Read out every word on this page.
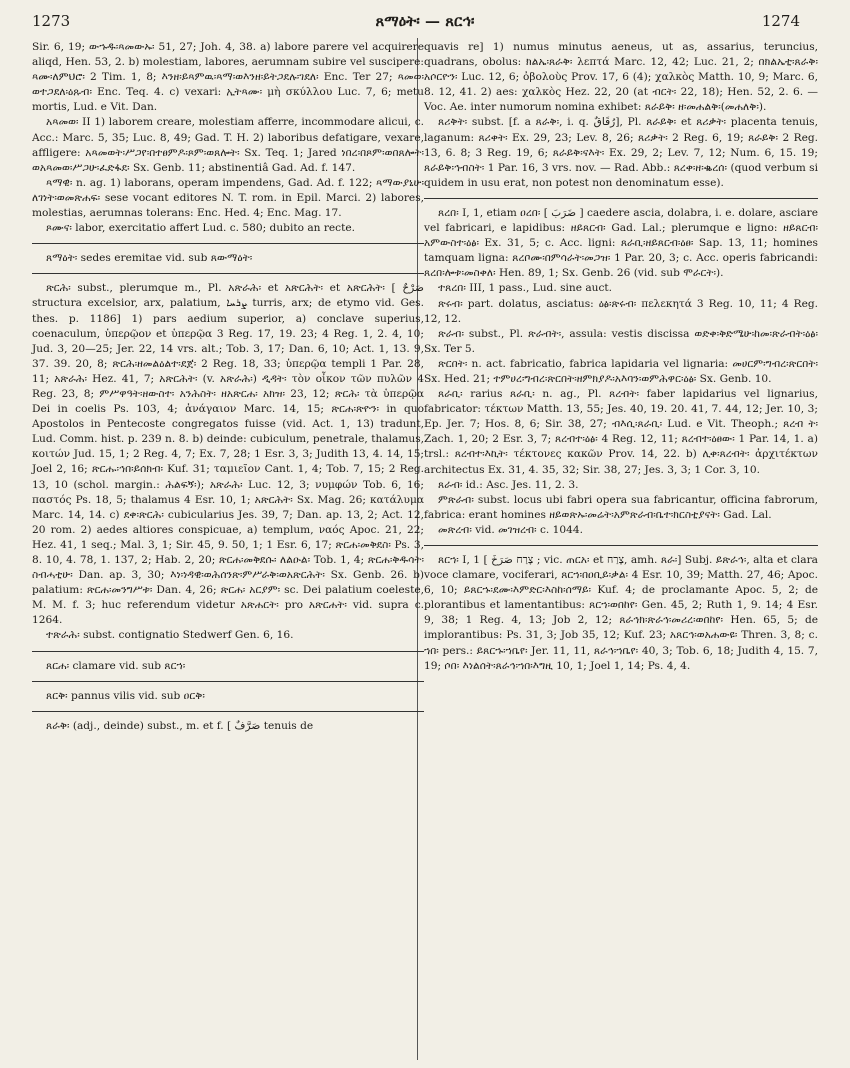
1273	ጸማዕት፡ — ጸርኅ፡	1274

Sir. 6, 19; ውኁዱ፡ጻመውኡ፡ 51, 27; Joh. 4, 38. a) labore parere vel acquirere aliqd, Hen. 53, 2. b) molestiam, labores, aerumnam subire vel suscipere: ጻሙ፡ለምህሮ፡ 2 Tim. 1, 8; እንዘ፡ይጻምዉ፡ጻማ፡ወእንዘ፡ይትጋደሉ፡ገደለ፡ Enc. Ter 27; ጻመወ፡ወተጋደለ፡ዕጹብ፡ Enc. Teq. 4. c) vexari: ኢትጻሙ፡ μὴ σκύλλου Luc. 7, 6; metu mortis, Lud. e Vit. Dan.

አጻመወ፡ II 1) laborem creare, molestiam afferre, incommodare alicui, c. Acc.: Marc. 5, 35; Luc. 8, 49; Gad. T. H. 2) laboribus defatigare, vexare, affligere: አጻመወት፡ሥጋየ፡በተፀምዶ፡ጾም፡ወጸሎት፡ Sx. Teq. 1; Jared ነበረ፡በጾም፡ወበጸሎት፡ወአጻመወ፡ሥጋሁ፡ፈድፋደ፡ Sx. Genb. 11; abstinentiâ Gad. Ad. f. 147.

ጻማዊ፡ n. ag. 1) laborans, operam impendens, Gad. Ad. f. 122; ጻማውያኒሁ፡ለገነት፡ወመጽሐፍ፡ sese vocant editores N. T. rom. in Epil. Marci. 2) labores, molestias, aerumnas tolerans: Enc. Hed. 4; Enc. Mag. 17.

ጾሙና፡ labor, exercitatio affert Lud. c. 580; dubito an recte.

ጸማዕት፡ sedes eremitae vid. sub ጸውማዕት፡

ጽርሕ፡ subst., plerumque m., Pl. አጽራሕ፡ et አጽርሕት፡ et አጽርሕት፡ [ صَرْحٌ structura excelsior, arx, palatium, ܨܪܚܐ turris, arx; de etymo vid. Ges. thes. p. 1186] 1) pars aedium superior, a) conclave superius, coenaculum, ὑπερῷον et ὑπερῷα 3 Reg. 17, 19. 23; 4 Reg. 1, 2. 4, 10; Jud. 3, 20—25; Jer. 22, 14 vrs. alt.; Tob. 3, 17; Dan. 6, 10; Act. 1, 13. 9, 37. 39. 20, 8; ጽርሕ፡ዘመልዕልተ፡ደጀ፡ 2 Reg. 18, 33; ὑπερῷα templi 1 Par. 28, 11; አጽራሕ፡ Hez. 41, 7; አጽርሕት፡ (v. አጽራሕ፡) ዲዳት፡ τὸν οἶκον τῶν πυλῶν 4 Reg. 23, 8; ምሥዋዓት፡ዘውስተ፡ አንሕስት፡ ዘአጽርሐ፡ አክዝ፡ 23, 12; ጽርሕ፡ τὰ ὑπερῷα Dei in coelis Ps. 103, 4; ἀνάγαιον Marc. 14, 15; ጽርሐ፡ጽዮን፡ in quo Apostolos in Pentecoste congregatos fuisse (vid. Act. 1, 13) tradunt, Lud. Comm. hist. p. 239 n. 8. b) deinde: cubiculum, penetrale, thalamus, κοιτών Jud. 15, 1; 2 Reg. 4, 7; Ex. 7, 28; 1 Esr. 3, 3; Judith 13, 4. 14, 15; Joel 2, 16; ጽርሑ፡ኅበ፡ይሰክብ፡ Kuf. 31; ταμιεῖον Cant. 1, 4; Tob. 7, 15; 2 Reg. 13, 10 (schol. margin.: ሕልፍኝ፡); አጽራሕ፡ Luc. 12, 3; νυμφών Tob. 6, 16; παστός Ps. 18, 5; thalamus 4 Esr. 10, 1; አጽርሕት፡ Sx. Mag. 26; κατάλυμα Marc. 14, 14. c) ደቀ፡ጽርሕ፡ cubicularius Jes. 39, 7; Dan. ap. 13, 2; Act. 12, 20 rom. 2) aedes altiores conspicuae, a) templum, ναός Apoc. 21, 22; Hez. 41, 1 seq.; Mal. 3, 1; Sir. 45, 9. 50, 1; 1 Esr. 6, 17; ጽርሐ፡መቅደስ፡ Ps. 3, 8. 10, 4. 78, 1. 137, 2; Hab. 2, 20; ጽርሐ፡መቅደሱ፡ ለልዑል፡ Tob. 1, 4; ጽርሐ፡ቅዱሳት፡ስብሓቲሁ፡ Dan. ap. 3, 30; እነ፡ነዳዊ፡ወሕሰንጽ፡ምሥራቅ፡ወአጽርሕት፡ Sx. Genb. 26. b) palatium: ጽርሐ፡መንግሥቱ፡ Dan. 4, 26; ጽርሐ፡ አርያም፡ sc. Dei palatium coeleste, M. M. f. 3; huc referendum videtur አጽሐርት፡ pro አጽርሐት፡ vid. supra c. 1264.

ተጽራሕ፡ subst. contignatio Stedwerf Gen. 6, 16.

ጸርሐ፡ clamare vid. sub ጸርኀ፡

ጸርቅ፡ pannus vilis vid. sub ዐርቅ፡

ጸራቅ፡ (adj., deinde) subst., m. et f. [ صَرَّفٌ tenuis de

quavis re] 1) numus minutus aeneus, ut as, assarius, teruncius, quadrans, obolus: ክልኤ፡ጸራቅ፡ λεπτά Marc. 12, 42; Luc. 21, 2; በክልኤቲ፡ጸራቅ፡ አሶርዮን፡ Luc. 12, 6; ὀβολοὺς Prov. 17, 6 (4); χαλκὸς Matth. 10, 9; Marc. 6, 8. 12, 41. 2) aes: χαλκὸς Hez. 22, 20 (at ብርት፡ 22, 18); Hen. 52, 2. 6. — Voc. Ae. inter numorum nomina exhibet: ጸራይቅ፡ ዘ፡መሐልቅ፡(መሐለቅ፡).

ጸሪቅት፡ subst. [f. a ጸራቅ፡, i. q. رُقَاقٌ], Pl. ጸራይቅ፡ et ጸሪቃት፡ placenta tenuis, laganum: ጸሪቀት፡ Ex. 29, 23; Lev. 8, 26; ጸሪቃት፡ 2 Reg. 6, 19; ጸራይቅ፡ 2 Reg. 13, 6. 8; 3 Reg. 19, 6; ጸራይቅ፡ናእት፡ Ex. 29, 2; Lev. 7, 12; Num. 6, 15. 19; ጸራይቅ፡ኅብስት፡ 1 Par. 16, 3 vrs. nov. — Rad. Abb.: ጸረቀ፡ዘ፡ቈረሰ፡ (quod verbum si quidem in usu erat, non potest non denominatum esse).

ጸረበ፡ I, 1, etiam ዐረበ፡ [ ضَرَبَ ] caedere ascia, dolabra, i. e. dolare, asciare vel fabricari, e lapidibus: ዘይጸርብ፡ Gad. Lal.; plerumque e ligno: ዘይጸርብ፡አምውስተ፡ዕፅ፡ Ex. 31, 5; c. Acc. ligni: ጸራቢ፡ዘይጸርብ፡ዕፀ፡ Sap. 13, 11; homines tamquam ligna: ጸረቦሙ፡በምሳራት፡መጋዝ፡ 1 Par. 20, 3; c. Acc. operis fabricandi: ጸረበ፡ሎቱ፡መስቀለ፡ Hen. 89, 1; Sx. Genb. 26 (vid. sub ሞራርት፡).

ተጸረበ፡ III, 1 pass., Lud. sine auct.

ጽሩብ፡ part. dolatus, asciatus: ዕፅ፡ጽሩብ፡ πελεκητά 3 Reg. 10, 11; 4 Reg. 12, 12.

ጽራብ፡ subst., Pl. ጽራብት፡, assula: vestis discissa ወድቀ፡ቅድሜሁ፡ከመ፡ጽራብት፡ዕፅ፡ Sx. Ter 5.

ጽርበት፡ n. act. fabricatio, fabrica lapidaria vel lignaria: መሀርም፡ግብረ፡ጽርበት፡ Sx. Hed. 21; ተምሀረ፡ግብረ፡ጽርበት፡ዘምክያዶ፡አእባን፡ወምሕዋር፡ዕፅ፡ Sx. Genb. 10.

ጸራቢ፡ rarius ጸራቢ፡ n. ag., Pl. ጸረብት፡ faber lapidarius vel lignarius, fabricator: τέκτων Matth. 13, 55; Jes. 40, 19. 20. 41, 7. 44, 12; Jer. 10, 3; Ep. Jer. 7; Hos. 8, 6; Sir. 38, 27; ብእሲ፡ጸራቢ፡ Lud. e Vit. Theoph.; ጸረብ ት፡ Zach. 1, 20; 2 Esr. 3, 7; ጸረብተ፡ዕፅ፡ 4 Reg. 12, 11; ጸረብተ፡ዕፀው፡ 1 Par. 14, 1. a) trsl.: ጸረብተ፡እኪት፡ τέκτονες κακῶν Prov. 14, 22. b) ሊቀ፡ጸረብት፡ ἀρχιτέκτων architectus Ex. 31, 4. 35, 32; Sir. 38, 27; Jes. 3, 3; 1 Cor. 3, 10.

ጸራብ፡ id.: Asc. Jes. 11, 2. 3.

ምጽራብ፡ subst. locus ubi fabri opera sua fabricantur, officina fabrorum, fabrica: erant homines ዘይወጽኡ፡መሬት፡አምጽራብ፡ቤተ፡ክርስቲያናት፡ Gad. Lal.

መጽረብ፡ vid. መገዝረብ፡ c. 1044.

ጸርኀ፡ I, 1 [ צָרַח صَرَخَ ; vic. ጠርአ፡ et צָרַח, amh. ጸራ፡] Subj. ይጽራኅ፡, alta et clara voce clamare, vociferari, ጸርኀ፡በዐቢይ፡ቃል፡ 4 Esr. 10, 39; Matth. 27, 46; Apoc. 6, 10; ይጸርኁ፡ደሙ፡እምድር፡እስከ፡ሰማይ፡ Kuf. 4; de proclamante Apoc. 5, 2; de plorantibus et lamentantibus: ጸርኀ፡ወበከየ፡ Gen. 45, 2; Ruth 1, 9. 14; 4 Esr. 9, 38; 1 Reg. 4, 13; Job 2, 12; ጸራኅክ፡ጽራኅ፡መሪረ፡ወበከየ፡ Hen. 65, 5; de implorantibus: Ps. 31, 3; Job 35, 12; Kuf. 23; አጸርኅ፡ወአሐውዩ፡ Thren. 3, 8; c. ኀበ፡ pers.: ይጸርኁ፡ኀቤየ፡ Jer. 11, 11, ጸራኅ፡ኀቤየ፡ 40, 3; Tob. 6, 18; Judith 4, 15. 7, 19; ሶበ፡ እነልሰት፡ጸራኅ፡ኀበ፡እግዚ 10, 1; Joel 1, 14; Ps. 4, 4.
